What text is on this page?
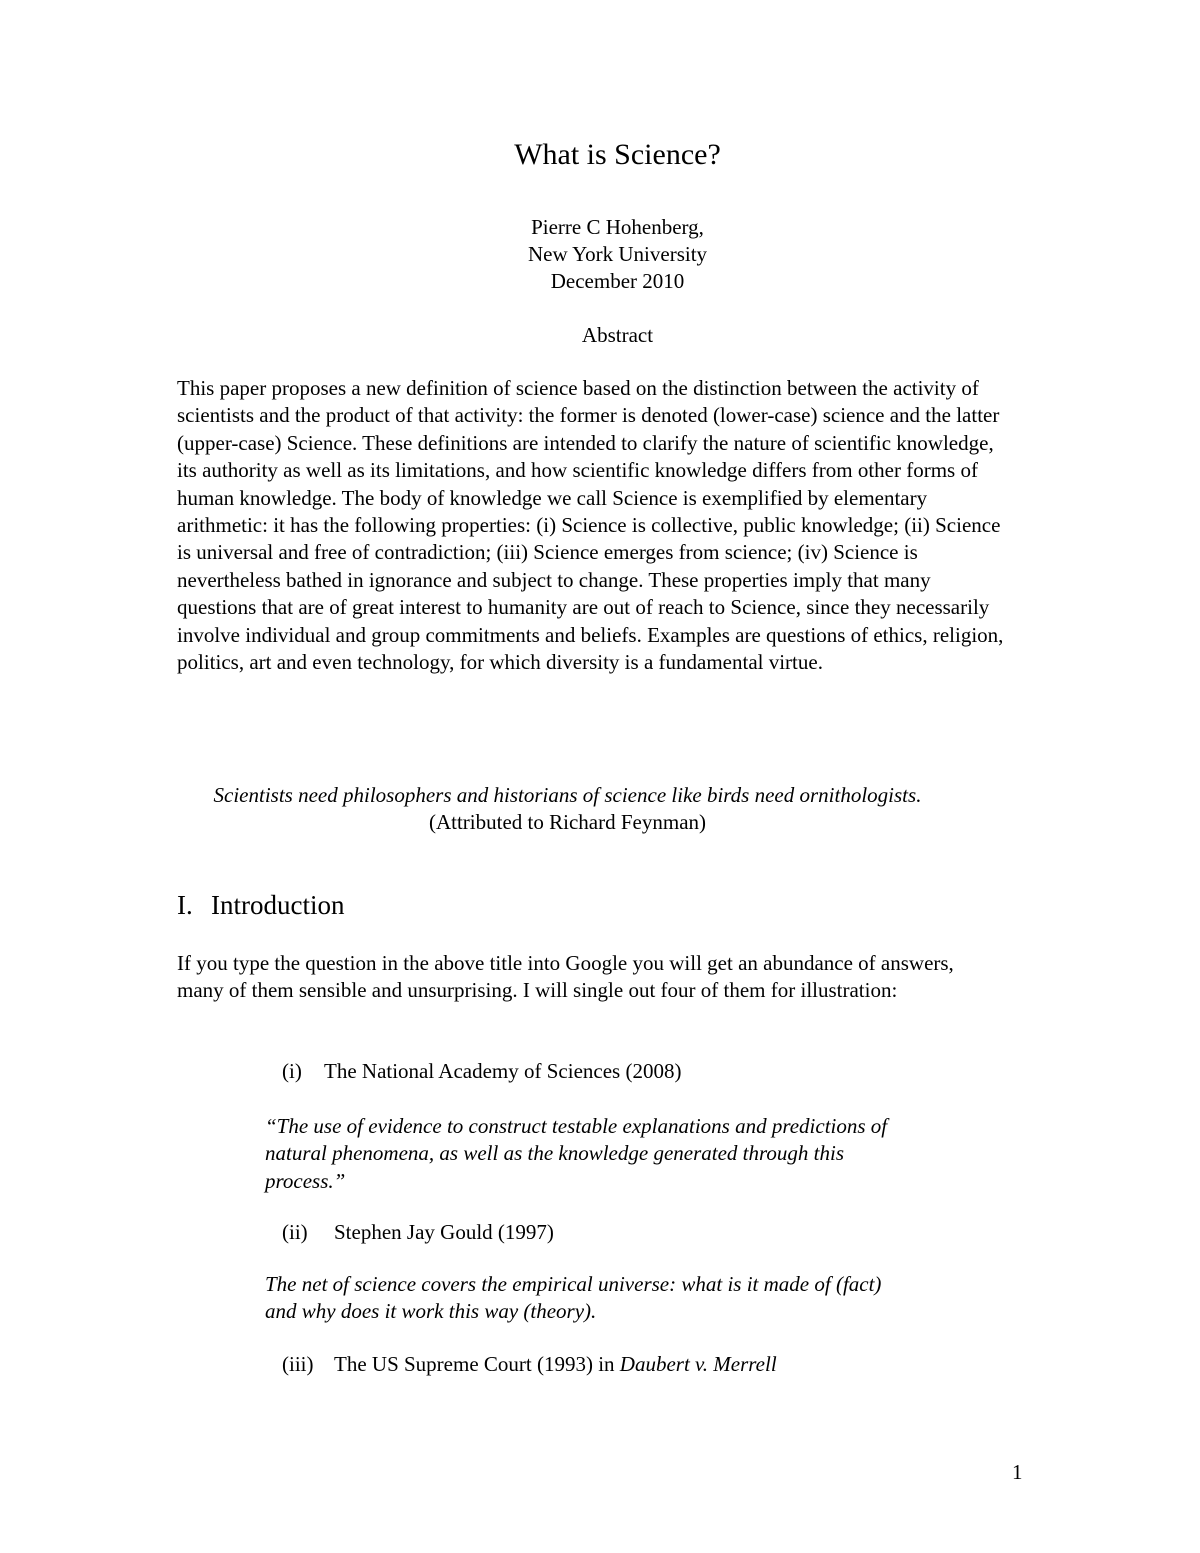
What is Science?
Pierre C Hohenberg,
New York University
December 2010
Abstract
This paper proposes a new definition of science based on the distinction between the activity of scientists and the product of that activity: the former is denoted (lower-case) science and the latter (upper-case) Science. These definitions are intended to clarify the nature of scientific knowledge, its authority as well as its limitations, and how scientific knowledge differs from other forms of human knowledge. The body of knowledge we call Science is exemplified by elementary arithmetic: it has the following properties: (i) Science is collective, public knowledge; (ii) Science is universal and free of contradiction; (iii) Science emerges from science; (iv) Science is nevertheless bathed in ignorance and subject to change. These properties imply that many questions that are of great interest to humanity are out of reach to Science, since they necessarily involve individual and group commitments and beliefs. Examples are questions of ethics, religion, politics, art and even technology, for which diversity is a fundamental virtue.
Scientists need philosophers and historians of science like birds need ornithologists.
(Attributed to Richard Feynman)
I. Introduction
If you type the question in the above title into Google you will get an abundance of answers, many of them sensible and unsurprising. I will single out four of them for illustration:
(i) The National Academy of Sciences (2008)
“The use of evidence to construct testable explanations and predictions of natural phenomena, as well as the knowledge generated through this process.”
(ii) Stephen Jay Gould (1997)
The net of science covers the empirical universe: what is it made of (fact) and why does it work this way (theory).
(iii) The US Supreme Court (1993) in Daubert v. Merrell
1
